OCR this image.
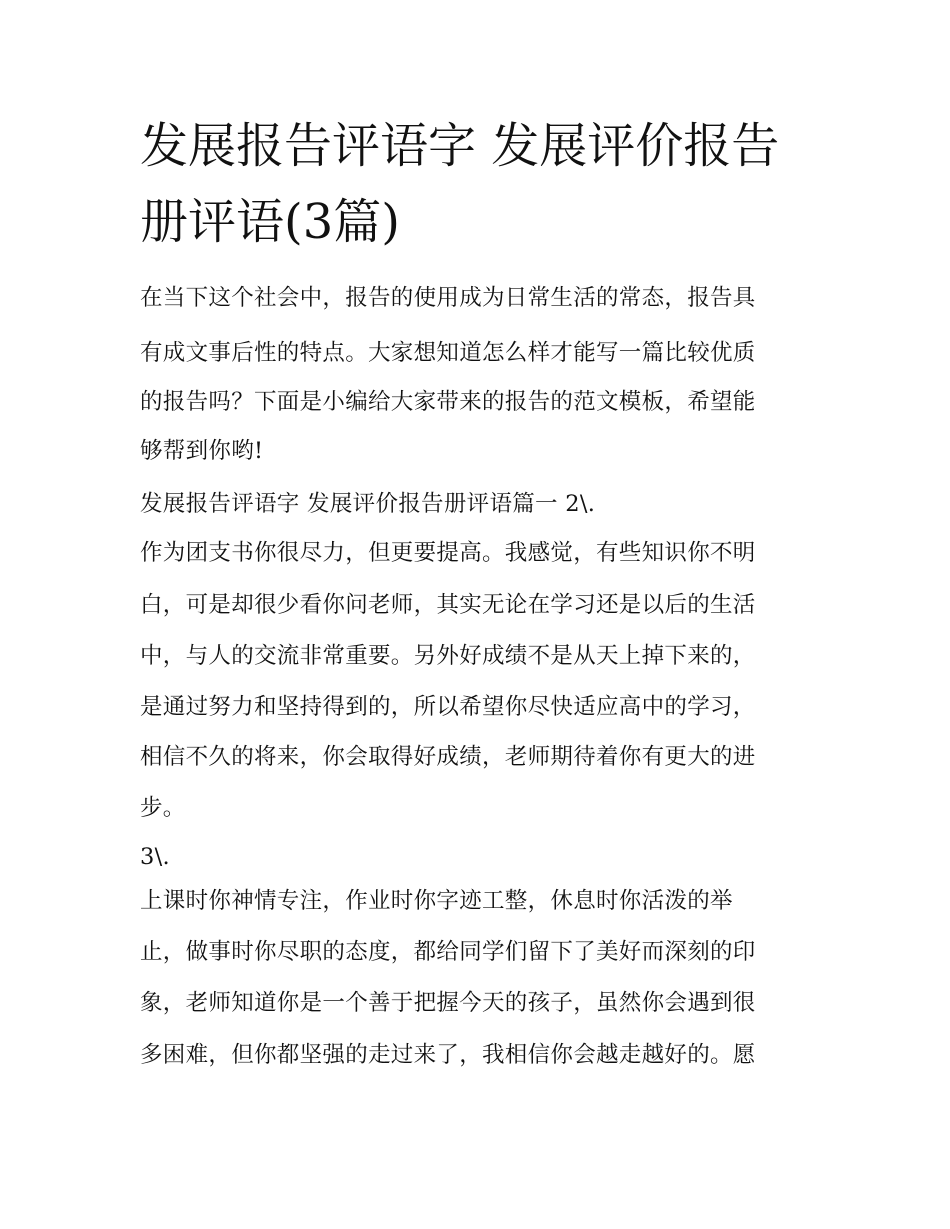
发展报告评语字 发展评价报告
册评语(3篇)

在当下这个社会中，报告的使用成为日常生活的常态，报告具

有成文事后性的特点。大家想知道怎么样才能写一篇比较优质

的报告吗？下面是小编给大家带来的报告的范文模板，希望能

够帮到你哟!

发展报告评语字 发展评价报告册评语篇一 2\.

作为团支书你很尽力，但更要提高。我感觉，有些知识你不明

白，可是却很少看你问老师，其实无论在学习还是以后的生活

中，与人的交流非常重要。另外好成绩不是从天上掉下来的，

是通过努力和坚持得到的，所以希望你尽快适应高中的学习，

相信不久的将来，你会取得好成绩，老师期待着你有更大的进

步。

3\.

上课时你神情专注，作业时你字迹工整，休息时你活泼的举

止，做事时你尽职的态度，都给同学们留下了美好而深刻的印

象，老师知道你是一个善于把握今天的孩子，虽然你会遇到很

多困难，但你都坚强的走过来了，我相信你会越走越好的。愿
